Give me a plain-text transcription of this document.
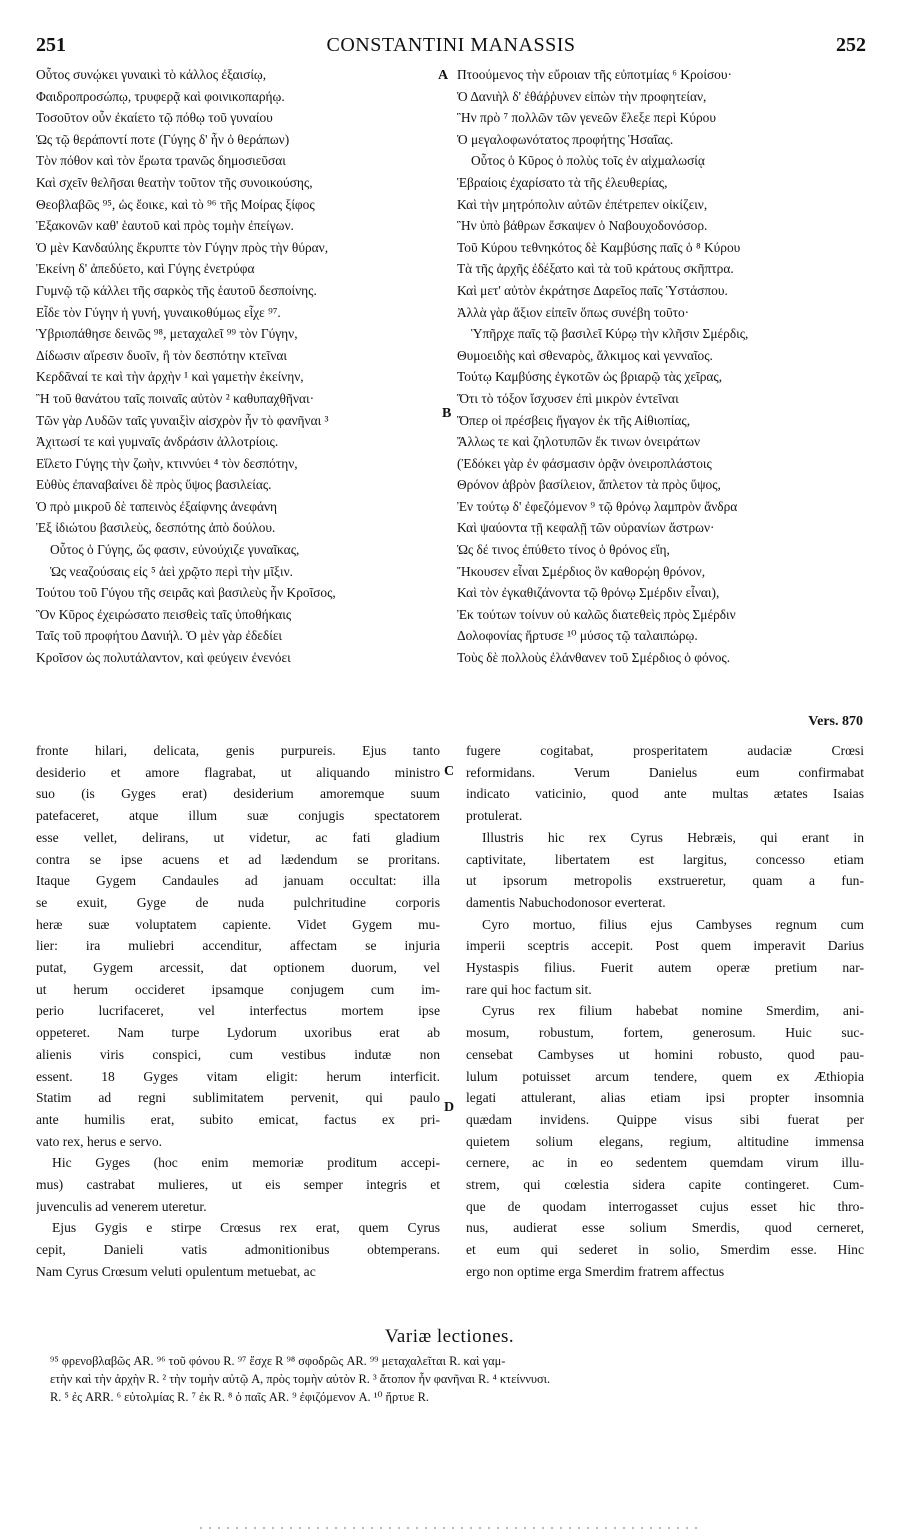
251	CONSTANTINI MANASSIS	252
A
B
C
D
Οὗτος συνῴκει γυναικὶ τὸ κάλλος ἐξαισίῳ,
Φαιδροπροσώπῳ, τρυφερᾷ καὶ φοινικοπαρήῳ.
Τοσοῦτον οὖν ἐκαίετο τῷ πόθῳ τοῦ γυναίου
Ὡς τῷ θεράποντί ποτε (Γύγης δ' ἦν ὁ θεράπων)
Τὸν πόθον καὶ τὸν ἔρωτα τρανῶς δημοσιεῦσαι
Καὶ σχεῖν θελῆσαι θεατὴν τοῦτον τῆς συνοικούσης,
Θεοβλαβῶς ⁹⁵, ὡς ἔοικε, καὶ τὸ ⁹⁶ τῆς Μοίρας ξίφος
Ἐξακονῶν καθ' ἑαυτοῦ καὶ πρὸς τομὴν ἐπείγων.
Ὁ μὲν Κανδαύλης ἔκρυπτε τὸν Γύγην πρὸς τὴν θύραν,
Ἐκείνη δ' ἀπεδύετο, καὶ Γύγης ἐνετρύφα
Γυμνῷ τῷ κάλλει τῆς σαρκὸς τῆς ἑαυτοῦ δεσποίνης.
Εἶδε τὸν Γύγην ἡ γυνή, γυναικοθύμως εἶχε ⁹⁷.
Ὑβριοπάθησε δεινῶς ⁹⁸, μεταχαλεῖ ⁹⁹ τὸν Γύγην,
Δίδωσιν αἵρεσιν δυοῖν, ἢ τὸν δεσπότην κτεῖναι
Κερδᾶναί τε καὶ τὴν ἀρχὴν ¹ καὶ γαμετὴν ἐκείνην,
Ἢ τοῦ θανάτου ταῖς ποιναῖς αὐτὸν ² καθυπαχθῆναι·
Τῶν γὰρ Λυδῶν ταῖς γυναιξὶν αἰσχρὸν ἦν τὸ φανῆναι ³
Ἀχιτωσί τε καὶ γυμναῖς ἀνδράσιν ἀλλοτρίοις.
Εἵλετο Γύγης τὴν ζωὴν, κτιννύει ⁴ τὸν δεσπότην,
Εὐθὺς ἐπαναβαίνει δὲ πρὸς ὕψος βασιλείας.
Ὁ πρὸ μικροῦ δὲ ταπεινὸς ἐξαίφνης ἀνεφάνη
Ἐξ ἰδιώτου βασιλεὺς, δεσπότης ἀπὸ δούλου.
Οὗτος ὁ Γύγης, ὥς φασιν, εὐνούχιζε γυναῖκας,
Ὡς νεαζούσαις εἰς ⁵ ἀεὶ χρῷτο περὶ τὴν μῖξιν.
Τούτου τοῦ Γύγου τῆς σειρᾶς καὶ βασιλεὺς ἦν Κροῖσος,
Ὃν Κῦρος ἐχειρώσατο πεισθεὶς ταῖς ὑποθήκαις
Ταῖς τοῦ προφήτου Δανιήλ. Ὁ μὲν γὰρ ἐδεδίει
Κροῖσον ὡς πολυτάλαντον, καὶ φεύγειν ἐνενόει
Πτοούμενος τὴν εὔροιαν τῆς εὐποτμίας ⁶ Κροίσου·
Ὁ Δανιὴλ δ' ἐθάῤῥυνεν εἰπὼν τὴν προφητείαν,
Ἣν πρὸ ⁷ πολλῶν τῶν γενεῶν ἔλεξε περὶ Κύρου
Ὁ μεγαλοφωνότατος προφήτης Ἡσαΐας.
Οὗτος ὁ Κῦρος ὁ πολὺς τοῖς ἐν αἰχμαλωσίᾳ
Ἑβραίοις ἐχαρίσατο τὰ τῆς ἐλευθερίας,
Καὶ τὴν μητρόπολιν αὐτῶν ἐπέτρεπεν οἰκίζειν,
Ἣν ὑπὸ βάθρων ἔσκαψεν ὁ Ναβουχοδονόσορ.
Τοῦ Κύρου τεθνηκότος δὲ Καμβύσης παῖς ὁ ⁸ Κύρου
Τὰ τῆς ἀρχῆς ἐδέξατο καὶ τὰ τοῦ κράτους σκῆπτρα.
Καὶ μετ' αὐτὸν ἐκράτησε Δαρεῖος παῖς Ὑστάσπου.
Ἀλλὰ γὰρ ἄξιον εἰπεῖν ὅπως συνέβη τοῦτο·
Ὑπῆρχε παῖς τῷ βασιλεῖ Κύρῳ τὴν κλῆσιν Σμέρδις,
Θυμοειδὴς καὶ σθεναρὸς, ἄλκιμος καὶ γενναῖος.
Τούτῳ Καμβύσης ἐγκοτῶν ὡς βριαρῷ τὰς χεῖρας,
Ὅτι τὸ τόξον ἴσχυσεν ἐπὶ μικρὸν ἐντεῖναι
Ὅπερ οἱ πρέσβεις ἤγαγον ἐκ τῆς Αἰθιοπίας,
Ἄλλως τε καὶ ζηλοτυπῶν ἔκ τινων ὀνειράτων
(Ἐδόκει γὰρ ἐν φάσμασιν ὁρᾷν ὀνειροπλάστοις
Θρόνον ἁβρὸν βασίλειον, ἅπλετον τὰ πρὸς ὕψος,
Ἐν τούτῳ δ' ἐφεζόμενον ⁹ τῷ θρόνῳ λαμπρὸν ἄνδρα
Καὶ ψαύοντα τῇ κεφαλῇ τῶν οὐρανίων ἄστρων·
Ὡς δέ τινος ἐπύθετο τίνος ὁ θρόνος εἴη,
Ἤκουσεν εἶναι Σμέρδιος ὃν καθορῴη θρόνον,
Καὶ τὸν ἐγκαθιζάνοντα τῷ θρόνῳ Σμέρδιν εἶναι),
Ἐκ τούτων τοίνυν οὐ καλῶς διατεθεὶς πρὸς Σμέρδιν
Δολοφονίας ἥρτυσε ¹⁰ μύσος τῷ ταλαιπώρῳ.
Τοὺς δὲ πολλοὺς ἐλάνθανεν τοῦ Σμέρδιος ὁ φόνος.
Vers. 870
fronte hilari, delicata, genis purpureis. Ejus tanto
desiderio et amore flagrabat, ut aliquando ministro
suo (is Gyges erat) desiderium amoremque suum
patefaceret, atque illum suæ conjugis spectatorem
esse vellet, delirans, ut videtur, ac fati gladium
contra se ipse acuens et ad lædendum se proritans.
Itaque Gygem Candaules ad januam occultat: illa
se exuit, Gyge de nuda pulchritudine corporis
heræ suæ voluptatem capiente. Videt Gygem mu-
lier: ira muliebri accenditur, affectam se injuria
putat, Gygem arcessit, dat optionem duorum, vel
ut herum occideret ipsamque conjugem cum im-
perio lucrifaceret, vel interfectus mortem ipse
oppeteret. Nam turpe Lydorum uxoribus erat ab
alienis viris conspici, cum vestibus indutæ non
essent. 18 Gyges vitam eligit: herum interficit.
Statim ad regni sublimitatem pervenit, qui paulo
ante humilis erat, subito emicat, factus ex pri-
vato rex, herus e servo.
Hic Gyges (hoc enim memoriæ proditum accepi-
mus) castrabat mulieres, ut eis semper integris et
juvenculis ad venerem uteretur.
Ejus Gygis e stirpe Crœsus rex erat, quem Cyrus
cepit, Danieli vatis admonitionibus obtemperans.
Nam Cyrus Crœsum veluti opulentum metuebat, ac
fugere cogitabat, prosperitatem audaciæ Crœsi
reformidans. Verum Danielus eum confirmabat
indicato vaticinio, quod ante multas ætates Isaias
protulerat.
Illustris hic rex Cyrus Hebræis, qui erant in
captivitate, libertatem est largitus, concesso etiam
ut ipsorum metropolis exstrueretur, quam a fun-
damentis Nabuchodonosor everterat.
Cyro mortuo, filius ejus Cambyses regnum cum
imperii sceptris accepit. Post quem imperavit Darius
Hystaspis filius. Fuerit autem operæ pretium nar-
rare qui hoc factum sit.
Cyrus rex filium habebat nomine Smerdim, ani-
mosum, robustum, fortem, generosum. Huic suc-
censebat Cambyses ut homini robusto, quod pau-
lulum potuisset arcum tendere, quem ex Æthiopia
legati attulerant, alias etiam ipsi propter insomnia
quædam invidens. Quippe visus sibi fuerat per
quietem solium elegans, regium, altitudine immensa
cernere, ac in eo sedentem quemdam virum illu-
strem, qui cœlestia sidera capite contingeret. Cum-
que de quodam interrogasset cujus esset hic thro-
nus, audierat esse solium Smerdis, quod cerneret,
et eum qui sederet in solio, Smerdim esse. Hinc
ergo non optime erga Smerdim fratrem affectus
Variæ lectiones.
⁹⁵ φρενοβλαβῶς AR. ⁹⁶ τοῦ φόνου R. ⁹⁷ ἔσχε R ⁹⁸ σφοδρῶς AR. ⁹⁹ μεταχαλεῖται R. καὶ γαμ-
ετὴν καὶ τὴν ἀρχὴν R. ² τὴν τομὴν αὐτῷ A, πρὸς τομὴν αὐτὸν R. ³ ἄτοπον ἦν φανῆναι R. ⁴ κτείννυσι.
R. ⁵ ἐς ARR. ⁶ εὐτολμίας R. ⁷ ἐκ R. ⁸ ὁ παῖς AR. ⁹ ἐφιζόμενον A. ¹⁰ ἥρτυε R.
